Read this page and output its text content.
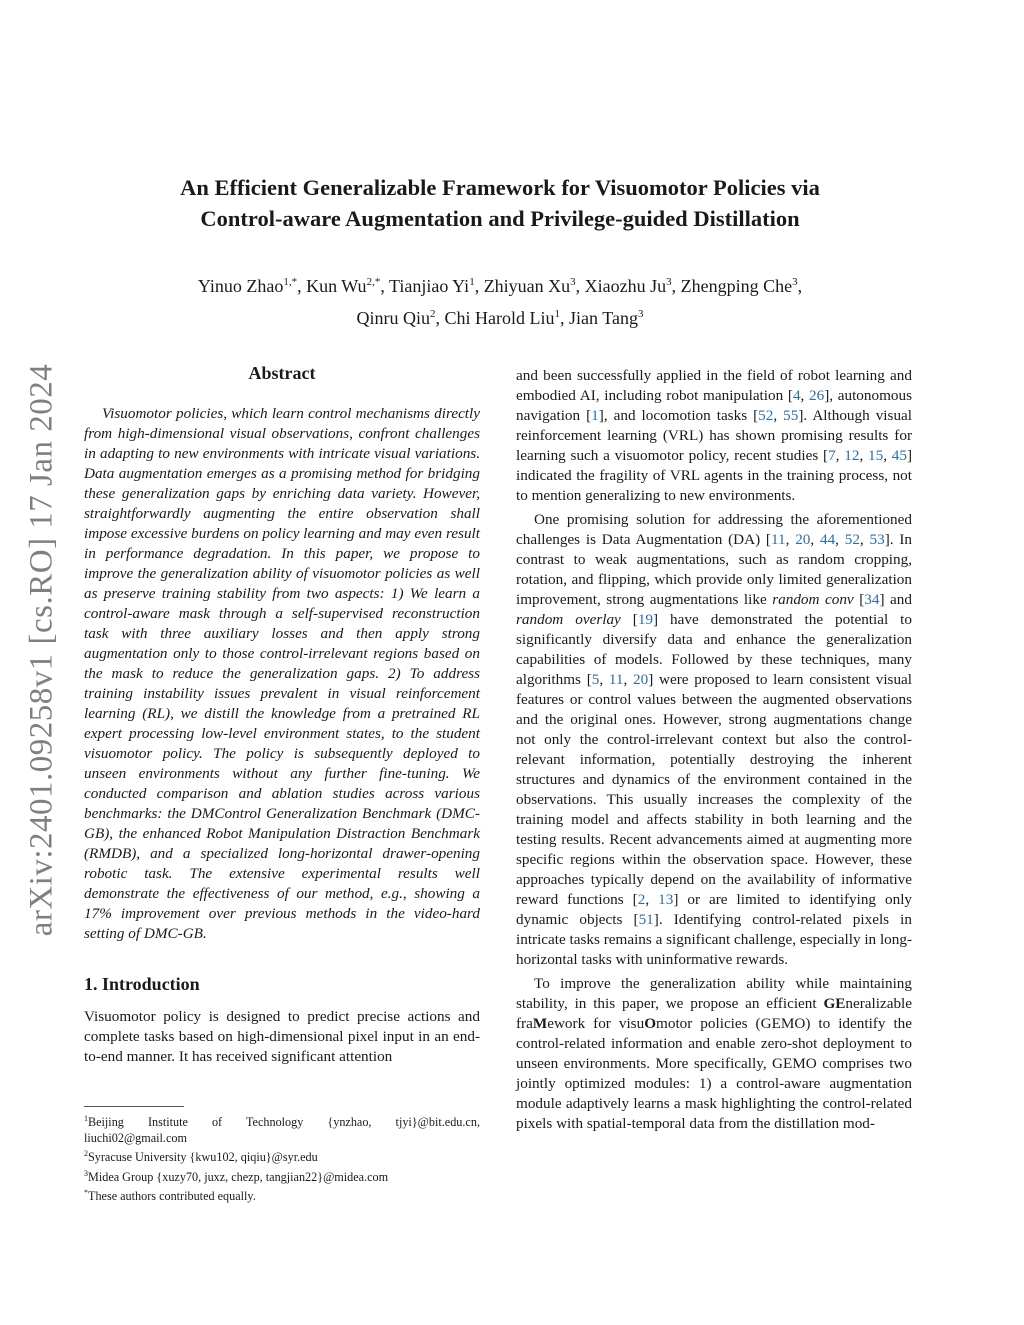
arXiv:2401.09258v1 [cs.RO] 17 Jan 2024
An Efficient Generalizable Framework for Visuomotor Policies via
Control-aware Augmentation and Privilege-guided Distillation
Yinuo Zhao$^{1,*}$, Kun $Wu^{2,*}$, Tianjiao Yi$^1$, Zhiyuan Xu$^3$, Xiaozhu Ju$^3$, Zhengping Che$^3$,
Qinru Qiu$^2$, Chi Harold Liu$^1$, Jian Tang$^3$
Abstract

Visuomotor policies, which learn control mechanisms directly from high-dimensional visual observations, confront challenges in adapting to new environments with intricate visual variations. Data augmentation emerges as a promising method for bridging these generalization gaps by enriching data variety. However, straightforwardly augmenting the entire observation shall impose excessive burdens on policy learning and may even result in performance degradation. In this paper, we propose to improve the generalization ability of visuomotor policies as well as preserve training stability from two aspects: 1) We learn a control-aware mask through a self-supervised reconstruction task with three auxiliary losses and then apply strong augmentation only to those control-irrelevant regions based on the mask to reduce the generalization gaps. 2) To address training instability issues prevalent in visual reinforcement learning (RL), we distill the knowledge from a pretrained RL expert processing low-level environment states, to the student visuomotor policy. The policy is subsequently deployed to unseen environments without any further fine-tuning. We conducted comparison and ablation studies across various benchmarks: the DMControl Generalization Benchmark (DMC-GB), the enhanced Robot Manipulation Distraction Benchmark (RMDB), and a specialized long-horizontal drawer-opening robotic task. The extensive experimental results well demonstrate the effectiveness of our method, e.g., showing a 17% improvement over previous methods in the video-hard setting of DMC-GB.

1. Introduction

Visuomotor policy is designed to predict precise actions and complete tasks based on high-dimensional pixel input in an end-to-end manner. It has received significant attention

$^1$Beijing Institute of Technology {ynzhao, tjyi}@bit.edu.cn, liuchi02@gmail.com

$^2$Syracuse University {kwu102, qiqiu}@syr.edu

$^3$Midea Group {xuzy70, juxz, chezp, tangjian22}@midea.com

*These authors contributed equally.

and been successfully applied in the field of robot learning and embodied AI, including robot manipulation [4, 26], autonomous navigation [1], and locomotion tasks [52, 55]. Although visual reinforcement learning (VRL) has shown promising results for learning such a visuomotor policy, recent studies [7, 12, 15, 45] indicated the fragility of VRL agents in the training process, not to mention generalizing to new environments.

One promising solution for addressing the aforementioned challenges is Data Augmentation (DA) [11, 20, 44, 52, 53]. In contrast to weak augmentations, such as random cropping, rotation, and flipping, which provide only limited generalization improvement, strong augmentations like random conv [34] and random overlay [19] have demonstrated the potential to significantly diversify data and enhance the generalization capabilities of models. Followed by these techniques, many algorithms [5, 11, 20] were proposed to learn consistent visual features or control values between the augmented observations and the original ones. However, strong augmentations change not only the control-irrelevant context but also the control-relevant information, potentially destroying the inherent structures and dynamics of the environment contained in the observations. This usually increases the complexity of the training model and affects stability in both learning and the testing results. Recent advancements aimed at augmenting more specific regions within the observation space. However, these approaches typically depend on the availability of informative reward functions [2, 13] or are limited to identifying only dynamic objects [51]. Identifying control-related pixels in intricate tasks remains a significant challenge, especially in long-horizontal tasks with uninformative rewards.

To improve the generalization ability while maintaining stability, in this paper, we propose an efficient GEneralizable fraMework for visuOmotor policies (GEMO) to identify the control-related information and enable zero-shot deployment to unseen environments. More specifically, GEMO comprises two jointly optimized modules: 1) a control-aware augmentation module adaptively learns a mask highlighting the control-related pixels with spatial-temporal data from the distillation mod-
